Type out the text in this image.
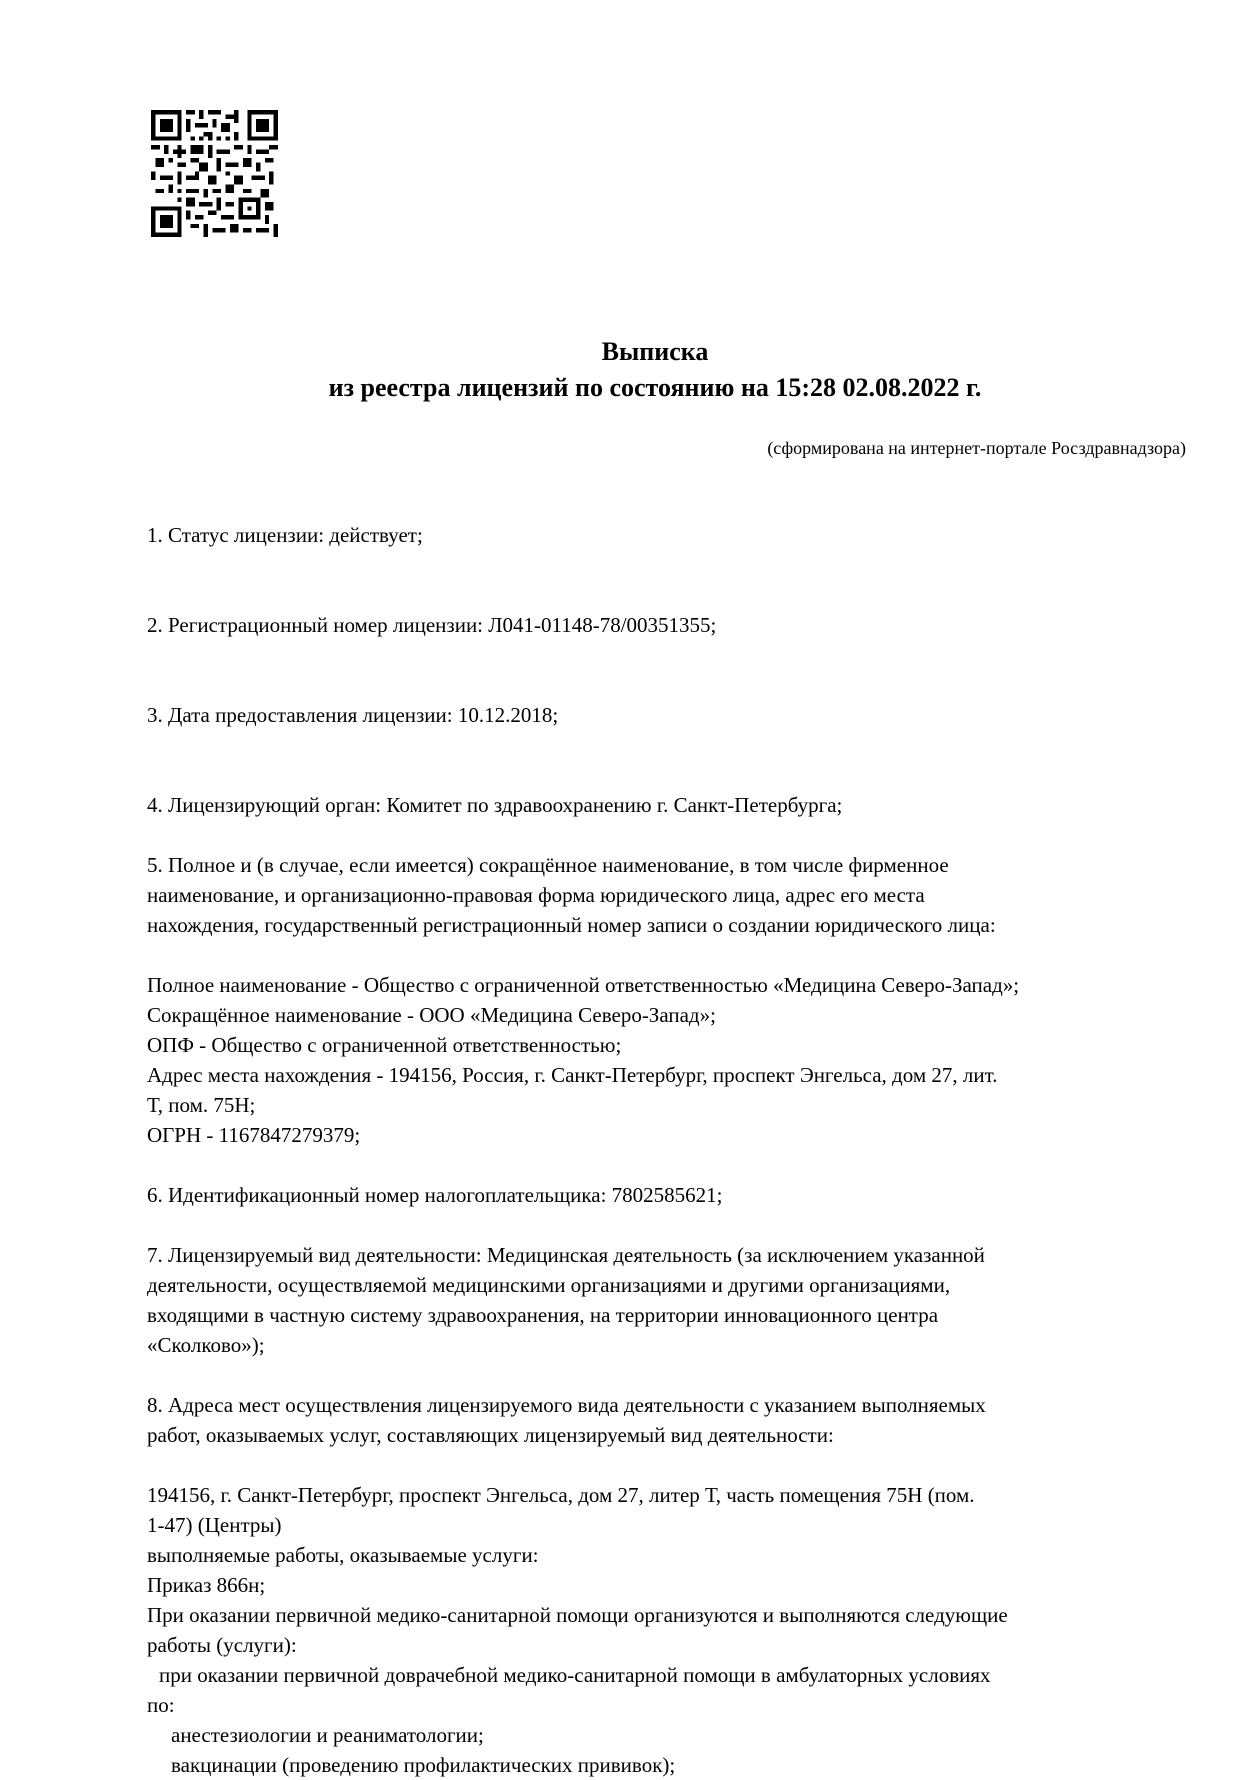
Выписка
из реестра лицензий по состоянию на 15:28 02.08.2022 г.
(сформирована на интернет-портале Росздравнадзора)

1. Статус лицензии: действует;

2. Регистрационный номер лицензии: Л041-01148-78/00351355;

3. Дата предоставления лицензии: 10.12.2018;

4. Лицензирующий орган: Комитет по здравоохранению г. Санкт-Петербурга;

5. Полное и (в случае, если имеется) сокращённое наименование, в том числе фирменное

наименование, и организационно-правовая форма юридического лица, адрес его места

нахождения, государственный регистрационный номер записи о создании юридического лица:

Полное наименование - Общество с ограниченной ответственностью «Медицина Северо-Запад»;

Сокращённое наименование - ООО «Медицина Северо-Запад»;

ОПФ - Общество с ограниченной ответственностью;

Адрес места нахождения - 194156, Россия, г. Санкт-Петербург, проспект Энгельса, дом 27, лит.

Т, пом. 75Н;

ОГРН - 1167847279379;

6. Идентификационный номер налогоплательщика: 7802585621;

7. Лицензируемый вид деятельности: Медицинская деятельность (за исключением указанной

деятельности, осуществляемой медицинскими организациями и другими организациями,

входящими в частную систему здравоохранения, на территории инновационного центра

«Сколково»);

8. Адреса мест осуществления лицензируемого вида деятельности с указанием выполняемых

работ, оказываемых услуг, составляющих лицензируемый вид деятельности:

194156, г. Санкт-Петербург, проспект Энгельса, дом 27, литер Т, часть помещения 75Н (пом.

1-47) (Центры)

выполняемые работы, оказываемые услуги:

Приказ 866н;

При оказании первичной медико-санитарной помощи организуются и выполняются следующие

работы (услуги):

при оказании первичной доврачебной медико-санитарной помощи в амбулаторных условиях

по:

анестезиологии и реаниматологии;

вакцинации (проведению профилактических прививок);
